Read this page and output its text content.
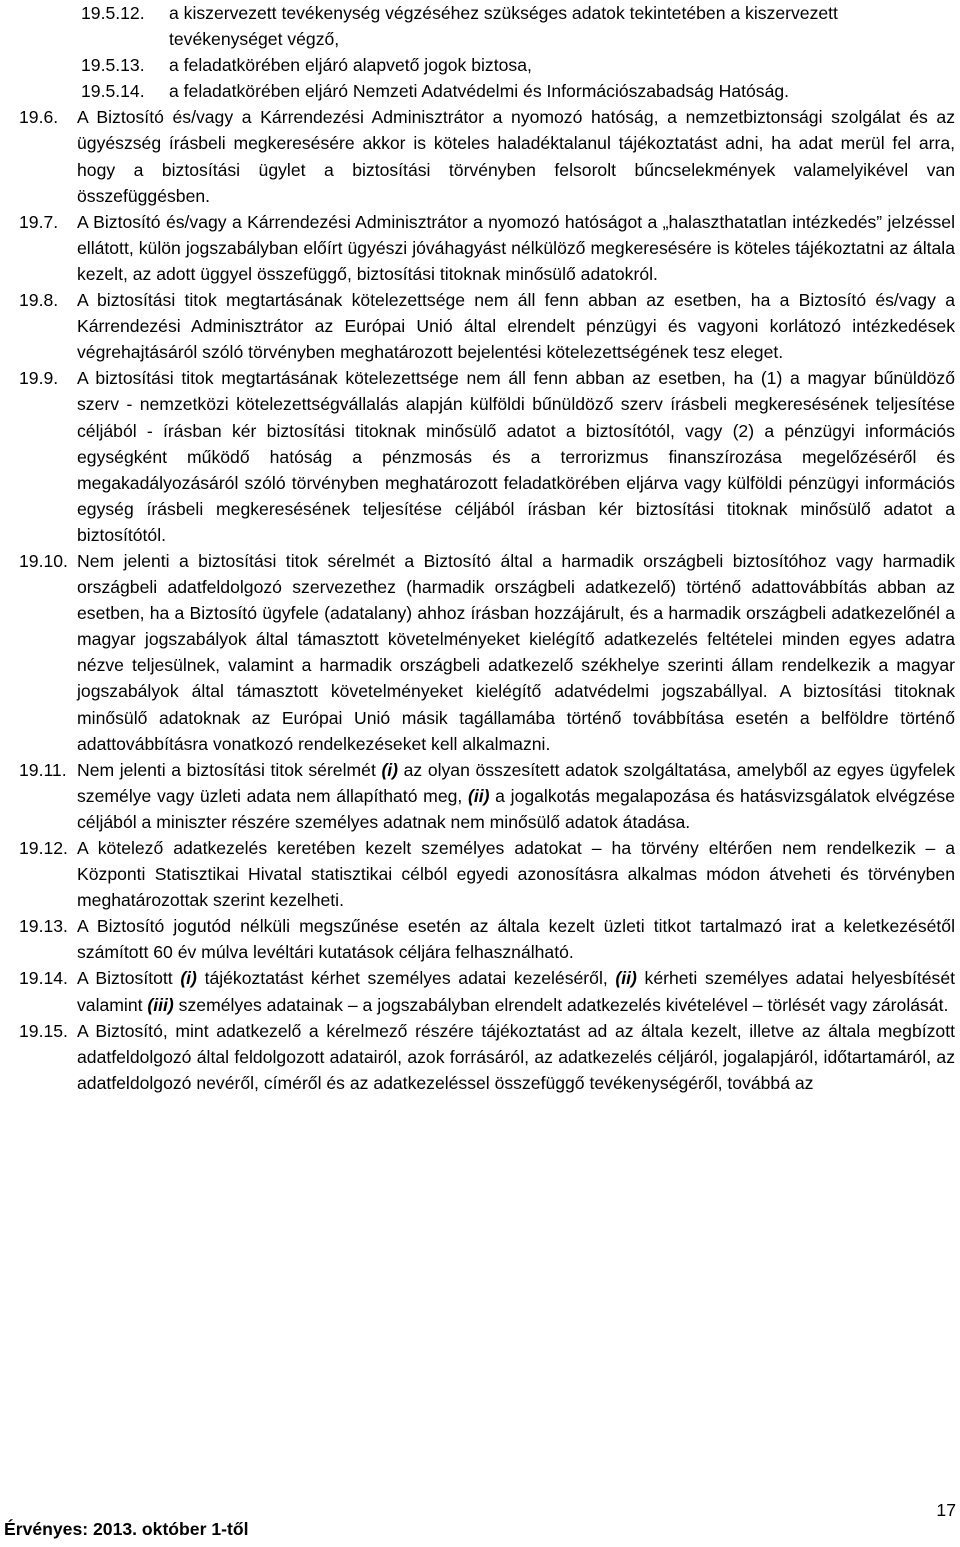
19.5.12. a kiszervezett tevékenység végzéséhez szükséges adatok tekintetében a kiszervezett tevékenységet végző,
19.5.13. a feladatkörében eljáró alapvető jogok biztosa,
19.5.14. a feladatkörében eljáró Nemzeti Adatvédelmi és Információszabadság Hatóság.
19.6. A Biztosító és/vagy a Kárrendezési Adminisztrátor a nyomozó hatóság, a nemzetbiztonsági szolgálat és az ügyészség írásbeli megkeresésére akkor is köteles haladéktalanul tájékoztatást adni, ha adat merül fel arra, hogy a biztosítási ügylet a biztosítási törvényben felsorolt bűncselekmények valamelyikével van összefüggésben.
19.7. A Biztosító és/vagy a Kárrendezési Adminisztrátor a nyomozó hatóságot a „halaszthatatlan intézkedés” jelzéssel ellátott, külön jogszabályban előírt ügyészi jóváhagyást nélkülöző megkeresésére is köteles tájékoztatni az általa kezelt, az adott üggyel összefüggő, biztosítási titoknak minősülő adatokról.
19.8. A biztosítási titok megtartásának kötelezettsége nem áll fenn abban az esetben, ha a Biztosító és/vagy a Kárrendezési Adminisztrátor az Európai Unió által elrendelt pénzügyi és vagyoni korlátozó intézkedések végrehajtásáról szóló törvényben meghatározott bejelentési kötelezettségének tesz eleget.
19.9. A biztosítási titok megtartásának kötelezettsége nem áll fenn abban az esetben, ha (1) a magyar bűnüldöző szerv - nemzetközi kötelezettségvállalás alapján külföldi bűnüldöző szerv írásbeli megkeresésének teljesítése céljából - írásban kér biztosítási titoknak minősülő adatot a biztosítótól, vagy (2) a pénzügyi információs egységként működő hatóság a pénzmosás és a terrorizmus finanszírozása megelőzéséről és megakadályozásáról szóló törvényben meghatározott feladatkörében eljárva vagy külföldi pénzügyi információs egység írásbeli megkeresésének teljesítése céljából írásban kér biztosítási titoknak minősülő adatot a biztosítótól.
19.10. Nem jelenti a biztosítási titok sérelmét a Biztosító által a harmadik országbeli biztosítóhoz vagy harmadik országbeli adatfeldolgozó szervezethez (harmadik országbeli adatkezelő) történő adattovábbítás abban az esetben, ha a Biztosító ügyfele (adatalany) ahhoz írásban hozzájárult, és a harmadik országbeli adatkezelőnél a magyar jogszabályok által támasztott követelményeket kielégítő adatkezelés feltételei minden egyes adatra nézve teljesülnek, valamint a harmadik országbeli adatkezelő székhelye szerinti állam rendelkezik a magyar jogszabályok által támasztott követelményeket kielégítő adatvédelmi jogszabállyal. A biztosítási titoknak minősülő adatoknak az Európai Unió másik tagállamába történő továbbítása esetén a belföldre történő adattovábbításra vonatkozó rendelkezéseket kell alkalmazni.
19.11. Nem jelenti a biztosítási titok sérelmét (i) az olyan összesített adatok szolgáltatása, amelyből az egyes ügyfelek személye vagy üzleti adata nem állapítható meg, (ii) a jogalkotás megalapozása és hatásvizsgálatok elvégzése céljából a miniszter részére személyes adatnak nem minősülő adatok átadása.
19.12. A kötelező adatkezelés keretében kezelt személyes adatokat – ha törvény eltérően nem rendelkezik – a Központi Statisztikai Hivatal statisztikai célból egyedi azonosításra alkalmas módon átveheti és törvényben meghatározottak szerint kezelheti.
19.13. A Biztosító jogutód nélküli megszűnése esetén az általa kezelt üzleti titkot tartalmazó irat a keletkezésétől számított 60 év múlva levéltári kutatások céljára felhasználható.
19.14. A Biztosított (i) tájékoztatást kérhet személyes adatai kezeléséről, (ii) kérheti személyes adatai helyesbítését valamint (iii) személyes adatainak – a jogszabályban elrendelt adatkezelés kivételével – törlését vagy zárolását.
19.15. A Biztosító, mint adatkezelő a kérelmező részére tájékoztatást ad az általa kezelt, illetve az általa megbízott adatfeldolgozó által feldolgozott adatairól, azok forrásáról, az adatkezelés céljáról, jogalapjáról, időtartamáról, az adatfeldolgozó nevéről, címéről és az adatkezeléssel összefüggő tevékenységéről, továbbá az
17
Érvényes: 2013. október 1-től
